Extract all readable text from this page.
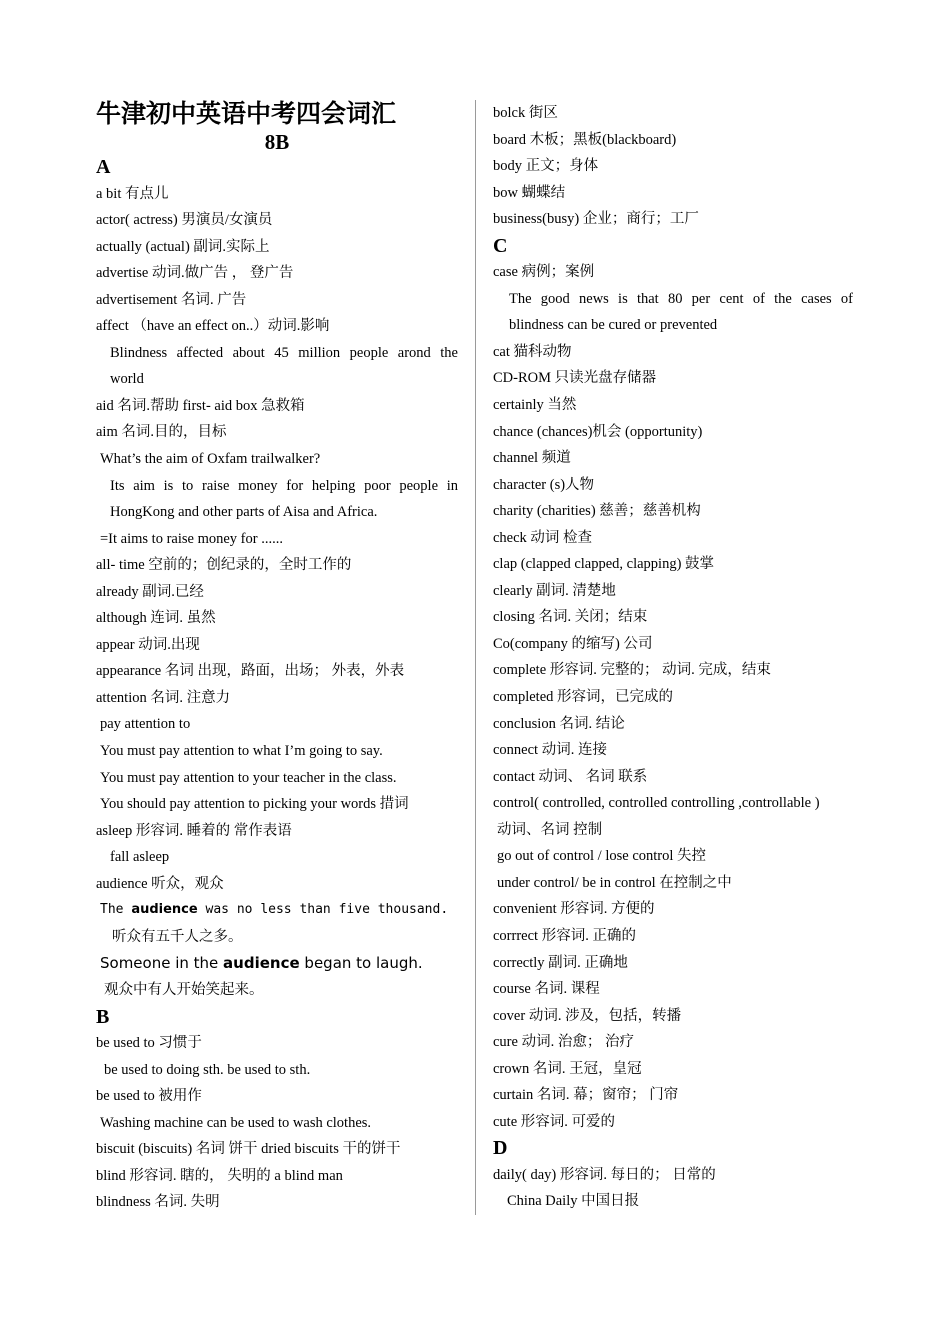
牛津初中英语中考四会词汇
8B
A
a bit 有点儿
actor( actress) 男演员/女演员
actually (actual) 副词.实际上
advertise 动词.做广告 ， 登广告
advertisement 名词. 广告
affect （have an effect on..）动词.影响
Blindness affected about 45 million people arond the
world
aid 名词.帮助 first- aid box 急救箱
aim 名词.目的，目标
What’s the aim of Oxfam trailwalker?
Its aim is to raise money for helping poor people in
HongKong and other parts of Aisa and Africa.
=It aims to raise money for ......
all- time 空前的；创纪录的，全时工作的
already 副词.已经
although 连词. 虽然
appear 动词.出现
appearance 名词 出现，路面，出场； 外表，外表
attention 名词. 注意力
pay attention to
You must pay attention to what I’m going to say.
You must pay attention to your teacher in the class.
You should pay attention to picking your words 措词
asleep 形容词. 睡着的 常作表语
fall asleep
audience 听众，观众
The audience was no less than five thousand.
听众有五千人之多。
Someone in the audience began to laugh.
观众中有人开始笑起来。
B
be used to 习惯于
be used to doing sth. be used to sth.
be used to 被用作
Washing machine can be used to wash clothes.
biscuit (biscuits) 名词 饼干 dried biscuits 干的饼干
blind 形容词. 瞎的， 失明的 a blind man
blindness 名词. 失明
bolck 街区
board 木板；黑板(blackboard)
body 正文；身体
bow 蝴蝶结
business(busy) 企业；商行；工厂
C
case 病例；案例
The good news is that 80 per cent of the cases of
blindness can be cured or prevented
cat 猫科动物
CD-ROM 只读光盘存储器
certainly 当然
chance (chances)机会 (opportunity)
channel 频道
character (s)人物
charity (charities) 慈善；慈善机构
check 动词 检查
clap (clapped clapped, clapping) 鼓掌
clearly 副词. 清楚地
closing 名词. 关闭；结束
Co(company 的缩写) 公司
complete 形容词. 完整的； 动词. 完成，结束
completed 形容词，已完成的
conclusion 名词. 结论
connect 动词. 连接
contact 动词、 名词 联系
control( controlled, controlled controlling ,controllable )
动词、名词 控制
go out of control / lose control 失控
under control/ be in control 在控制之中
convenient 形容词. 方便的
corrrect 形容词. 正确的
correctly 副词. 正确地
course 名词. 课程
cover 动词. 涉及，包括，转播
cure 动词. 治愈； 治疗
crown 名词. 王冠，皇冠
curtain 名词. 幕；窗帘； 门帘
cute 形容词. 可爱的
D
daily( day) 形容词. 每日的； 日常的
China Daily 中国日报
